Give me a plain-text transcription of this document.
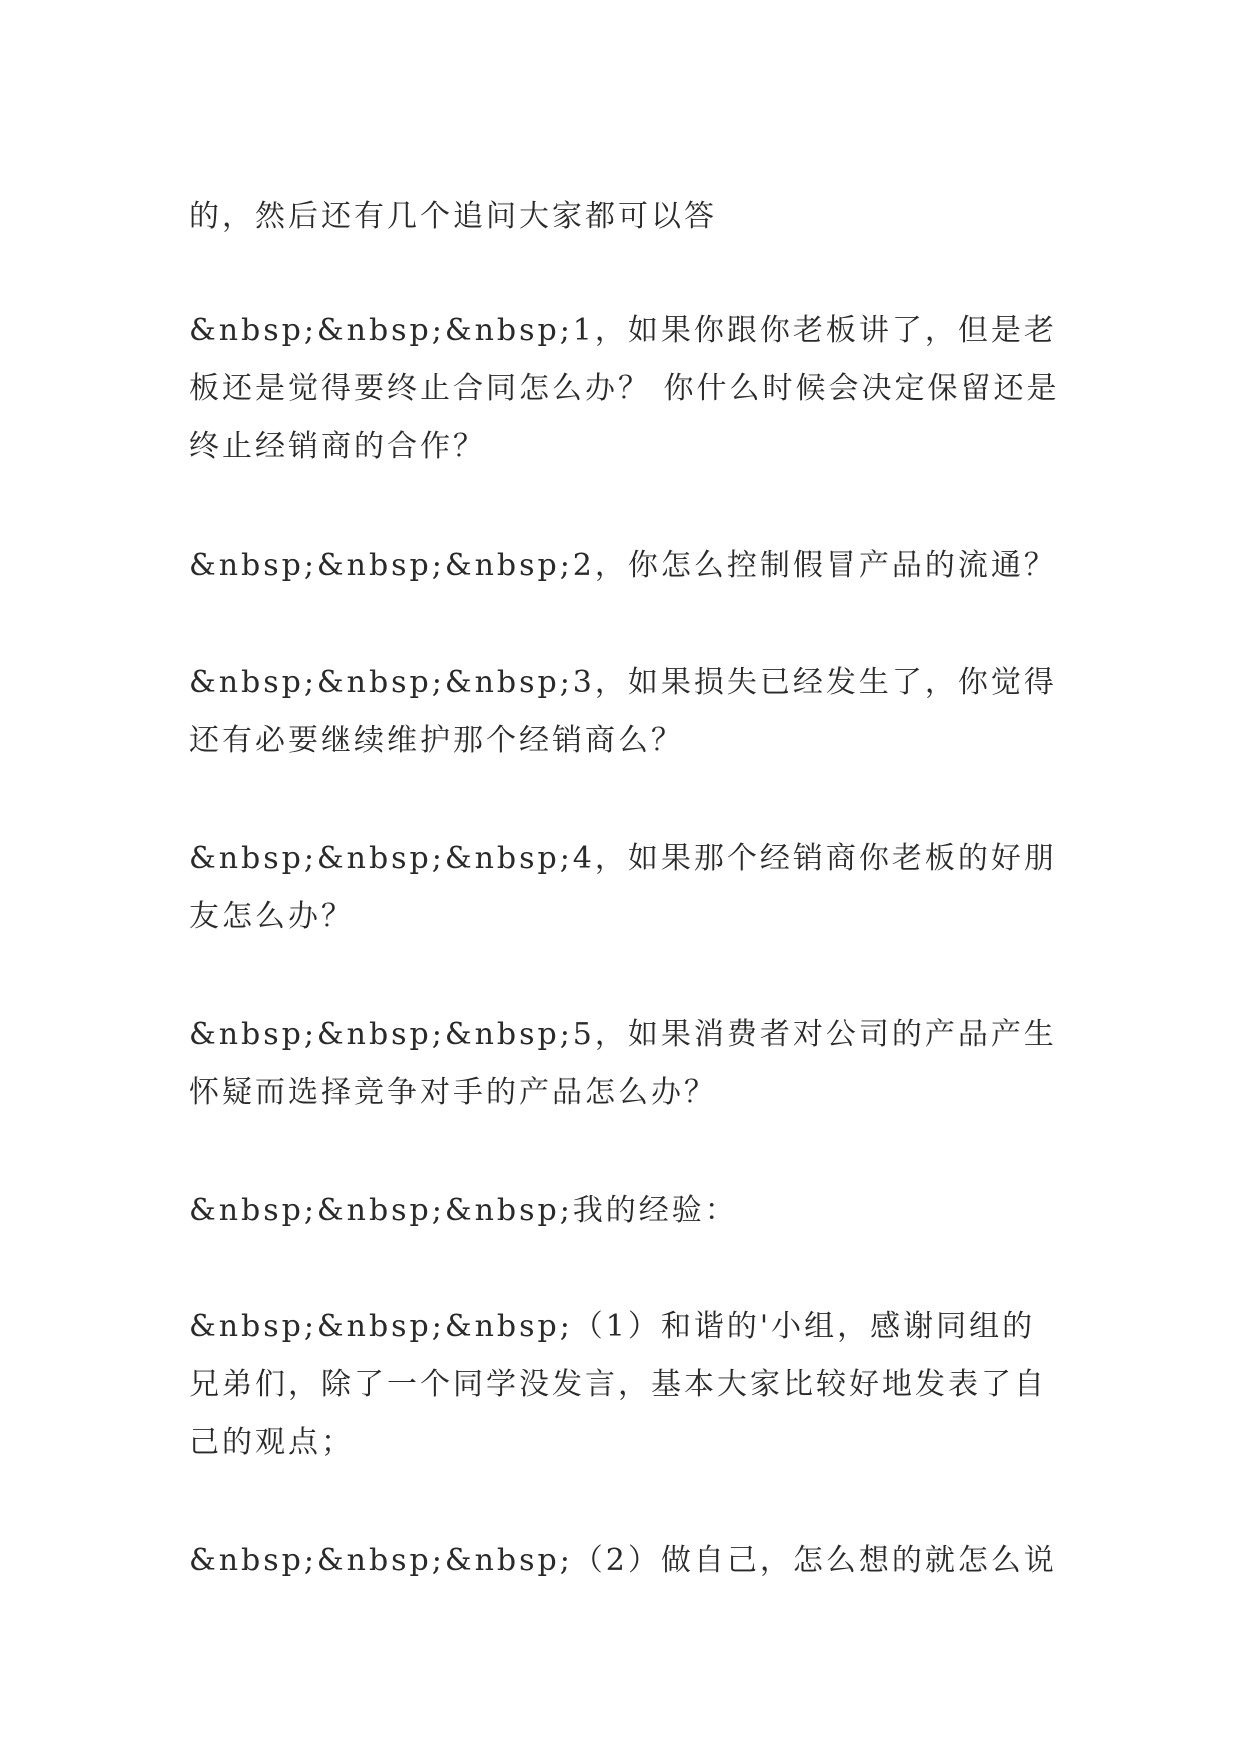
的，然后还有几个追问大家都可以答

&nbsp;&nbsp;&nbsp;1，如果你跟你老板讲了，但是老板还是觉得要终止合同怎么办？ 你什么时候会决定保留还是终止经销商的合作？

&nbsp;&nbsp;&nbsp;2，你怎么控制假冒产品的流通？

&nbsp;&nbsp;&nbsp;3，如果损失已经发生了，你觉得还有必要继续维护那个经销商么？

&nbsp;&nbsp;&nbsp;4，如果那个经销商你老板的好朋友怎么办？

&nbsp;&nbsp;&nbsp;5，如果消费者对公司的产品产生怀疑而选择竞争对手的产品怎么办？

&nbsp;&nbsp;&nbsp;我的经验：

&nbsp;&nbsp;&nbsp;（1）和谐的'小组，感谢同组的兄弟们，除了一个同学没发言，基本大家比较好地发表了自己的观点；

&nbsp;&nbsp;&nbsp;（2）做自己，怎么想的就怎么说
